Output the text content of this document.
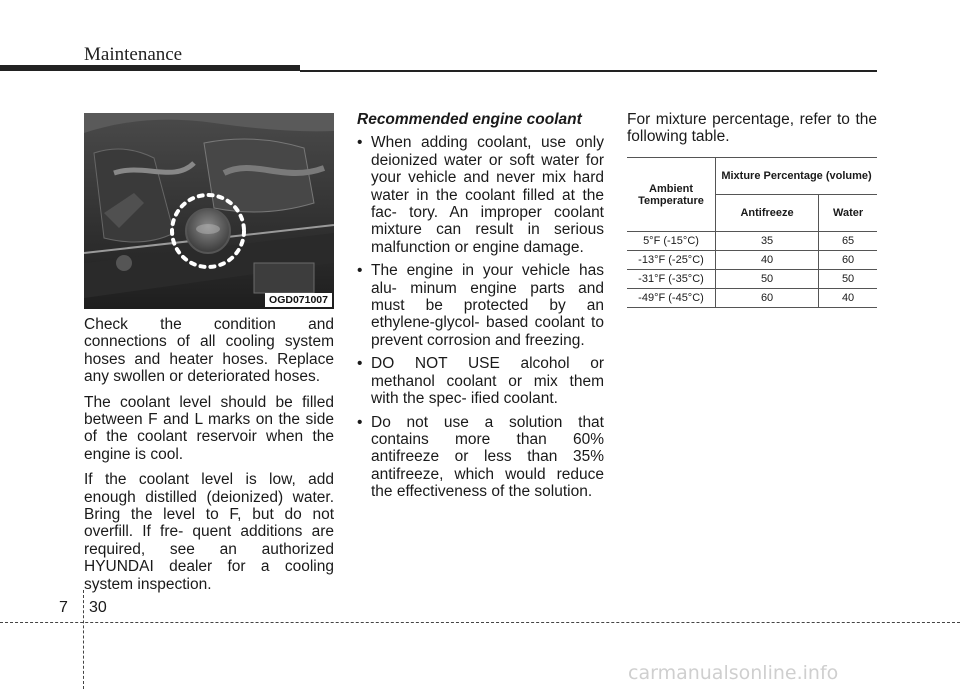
Maintenance
OGD071007

Check the condition and connections of all cooling system hoses and heater hoses. Replace any swollen or deteriorated hoses.

The coolant level should be filled between F and L marks on the side of the coolant reservoir when the engine is cool.

If the coolant level is low, add enough distilled (deionized) water. Bring the level to F, but do not overfill. If fre- quent additions are required, see an authorized HYUNDAI dealer for a cooling system inspection.

Recommended engine coolant
• When adding coolant, use only deionized water or soft water for your vehicle and never mix hard water in the coolant filled at the fac- tory. An improper coolant mixture can result in serious malfunction or engine damage.
• The engine in your vehicle has alu- minum engine parts and must be protected by an ethylene-glycol- based coolant to prevent corrosion and freezing.
• DO NOT USE alcohol or methanol coolant or mix them with the spec- ified coolant.
• Do not use a solution that contains more than 60% antifreeze or less than 35% antifreeze, which would reduce the effectiveness of the solution.

For mixture percentage, refer to the following table.

Ambient Temperature	Mixture Percentage (volume)	
	Antifreeze	Water
5°F (-15°C)	35	65
-13°F (-25°C)	40	60
-31°F (-35°C)	50	50
-49°F (-45°C)	60	40
7 30
carmanualsonline.info
